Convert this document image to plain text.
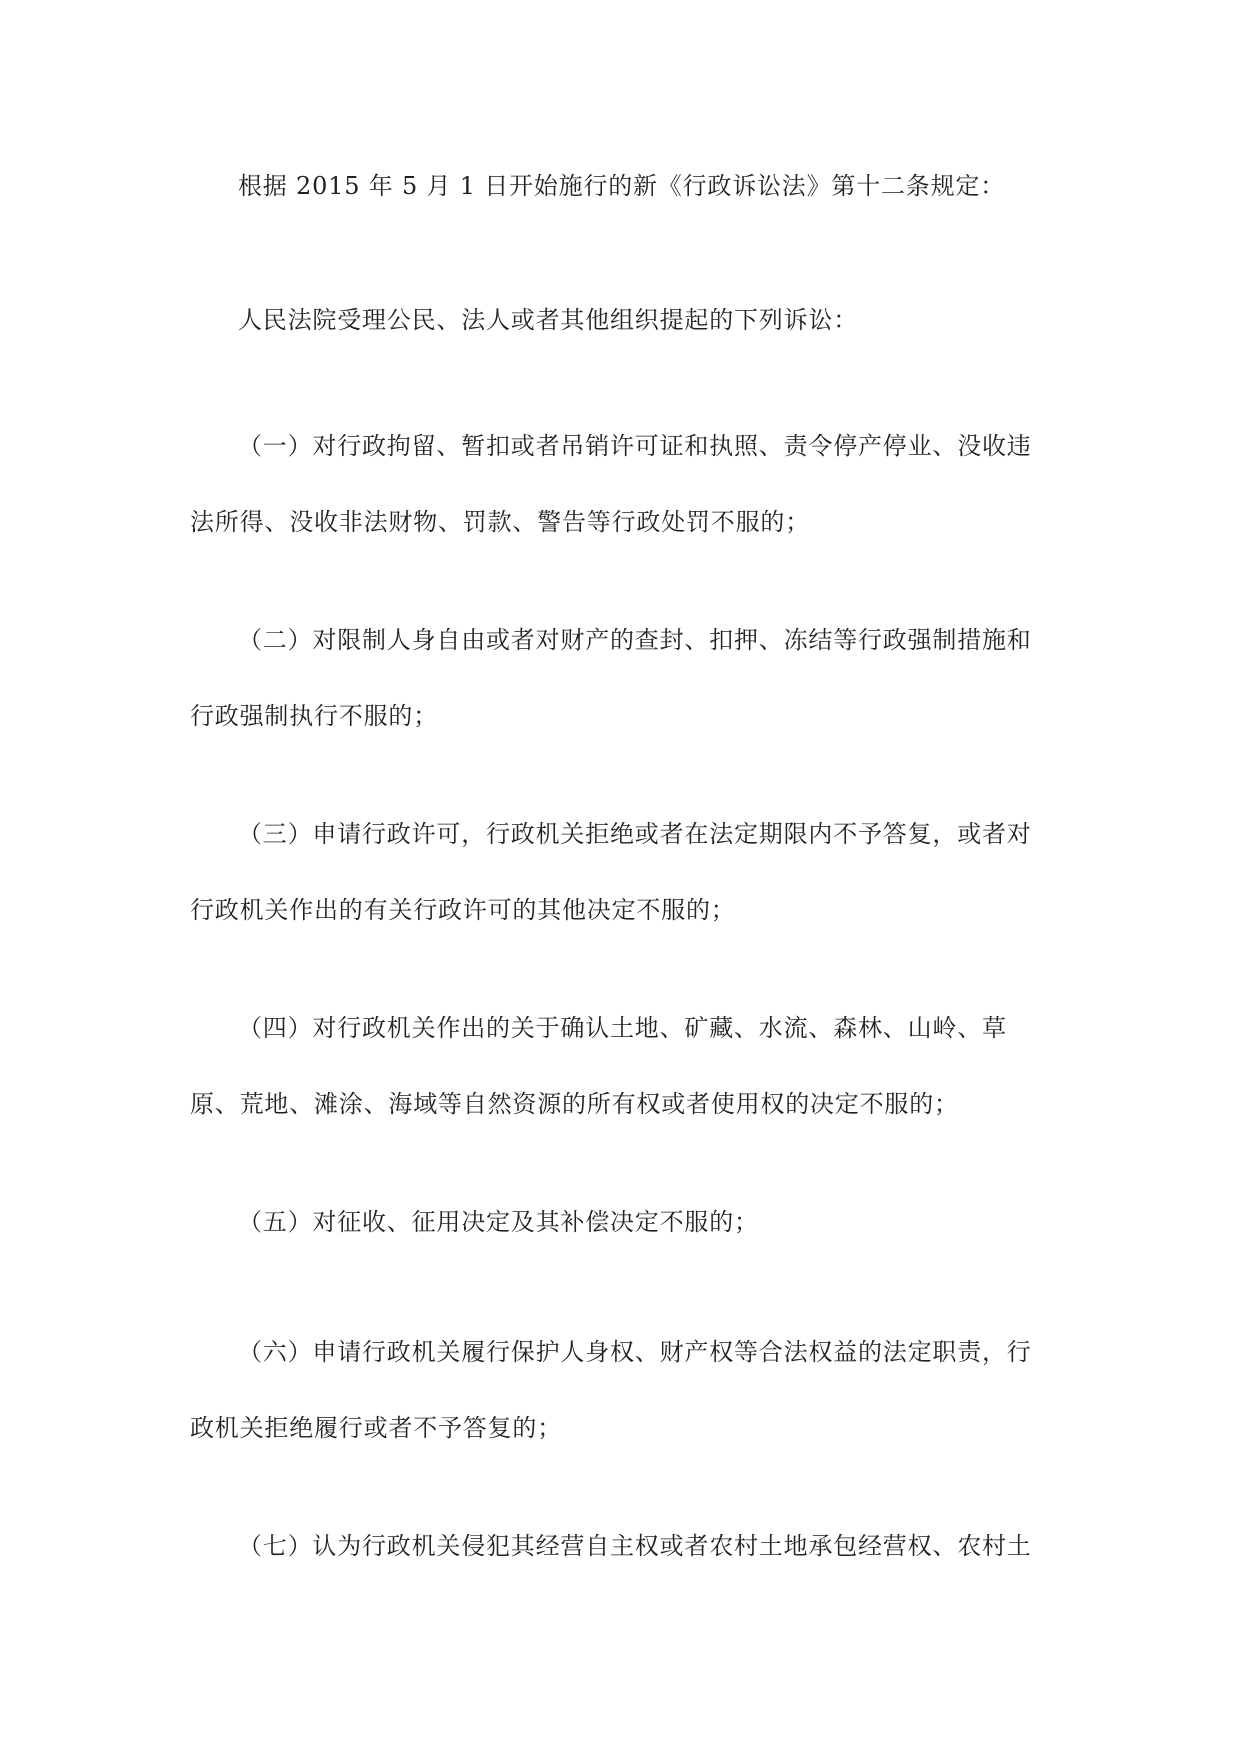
根据 2015 年 5 月 1 日开始施行的新《行政诉讼法》第十二条规定：

人民法院受理公民、法人或者其他组织提起的下列诉讼：

（一）对行政拘留、暂扣或者吊销许可证和执照、责令停产停业、没收违法所得、没收非法财物、罚款、警告等行政处罚不服的；

（二）对限制人身自由或者对财产的查封、扣押、冻结等行政强制措施和行政强制执行不服的；

（三）申请行政许可，行政机关拒绝或者在法定期限内不予答复，或者对行政机关作出的有关行政许可的其他决定不服的；

（四）对行政机关作出的关于确认土地、矿藏、水流、森林、山岭、草原、荒地、滩涂、海域等自然资源的所有权或者使用权的决定不服的；

（五）对征收、征用决定及其补偿决定不服的；

（六）申请行政机关履行保护人身权、财产权等合法权益的法定职责，行政机关拒绝履行或者不予答复的；

（七）认为行政机关侵犯其经营自主权或者农村土地承包经营权、农村土
